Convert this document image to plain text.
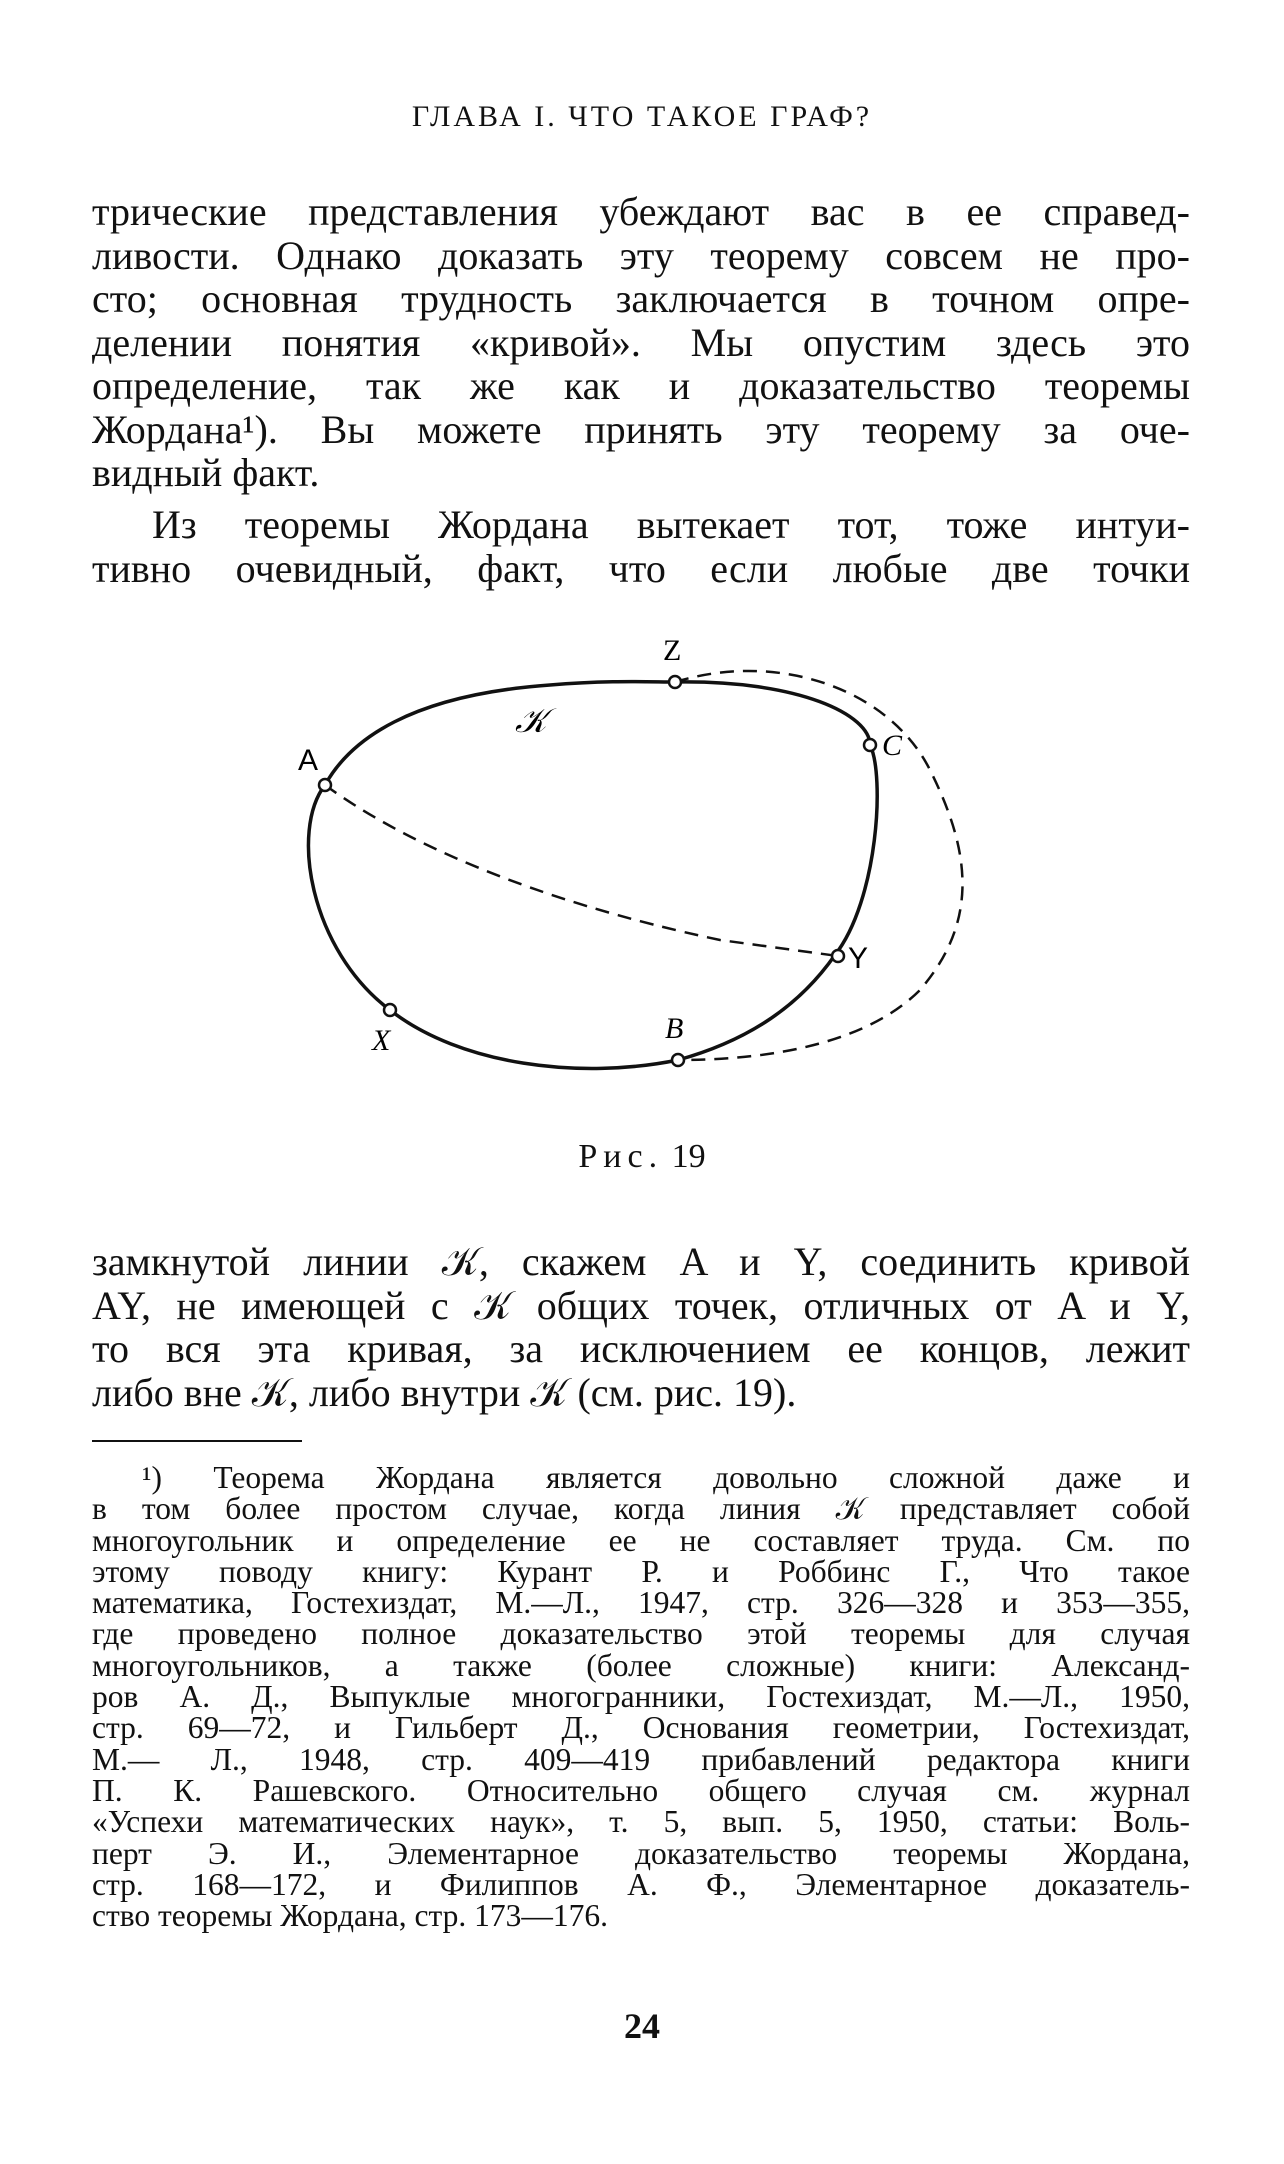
ГЛАВА I. ЧТО ТАКОЕ ГРАФ?
трические представления убеждают вас в ее справед-
ливости. Однако доказать эту теорему совсем не про-
сто; основная трудность заключается в точном опре-
делении понятия «кривой». Мы опустим здесь это
определение, так же как и доказательство теоремы
Жордана¹). Вы можете принять эту теорему за оче-
видный факт.
Из теоремы Жордана вытекает тот, тоже интуи-
тивно очевидный, факт, что если любые две точки
Z
𝒦
A	C
Y
B
X
Рис. 19
замкнутой линии 𝒦, скажем A и Y, соединить кривой
AY, не имеющей с 𝒦 общих точек, отличных от A и Y,
то вся эта кривая, за исключением ее концов, лежит
либо вне 𝒦, либо внутри 𝒦 (см. рис. 19).
¹) Теорема Жордана является довольно сложной даже и
в том более простом случае, когда линия 𝒦 представляет собой
многоугольник и определение ее не составляет труда. См. по
этому поводу книгу: Курант Р. и Роббинс Г., Что такое
математика, Гостехиздат, М.—Л., 1947, стр. 326—328 и 353—355,
где проведено полное доказательство этой теоремы для случая
многоугольников, а также (более сложные) книги: Александ-
ров А. Д., Выпуклые многогранники, Гостехиздат, М.—Л., 1950,
стр. 69—72, и Гильберт Д., Основания геометрии, Гостехиздат,
М.— Л., 1948, стр. 409—419 прибавлений редактора книги
П. К. Рашевского. Относительно общего случая см. журнал
«Успехи математических наук», т. 5, вып. 5, 1950, статьи: Воль-
перт Э. И., Элементарное доказательство теоремы Жордана,
стр. 168—172, и Филиппов А. Ф., Элементарное доказатель-
ство теоремы Жордана, стр. 173—176.
24
